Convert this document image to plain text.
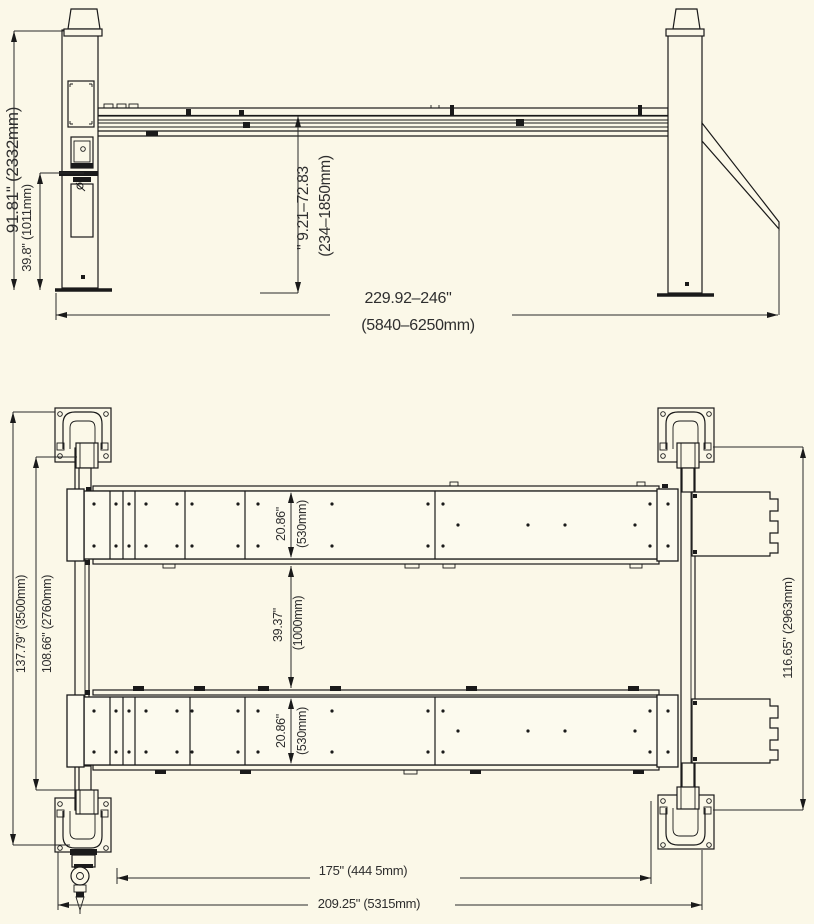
91.81" (2332mm)
39.8" (1011mm)	" 9.21–72.83 (234–1850mm)
229.92–246"
(5840–6250mm)
20.86" (530mm)
20.86" (530mm)
137.79" (3500mm) 108.66" (2760mm)	39.37" (1000mm)	116.65" (2963mm)
175" (444 5mm)
209.25" (5315mm)
